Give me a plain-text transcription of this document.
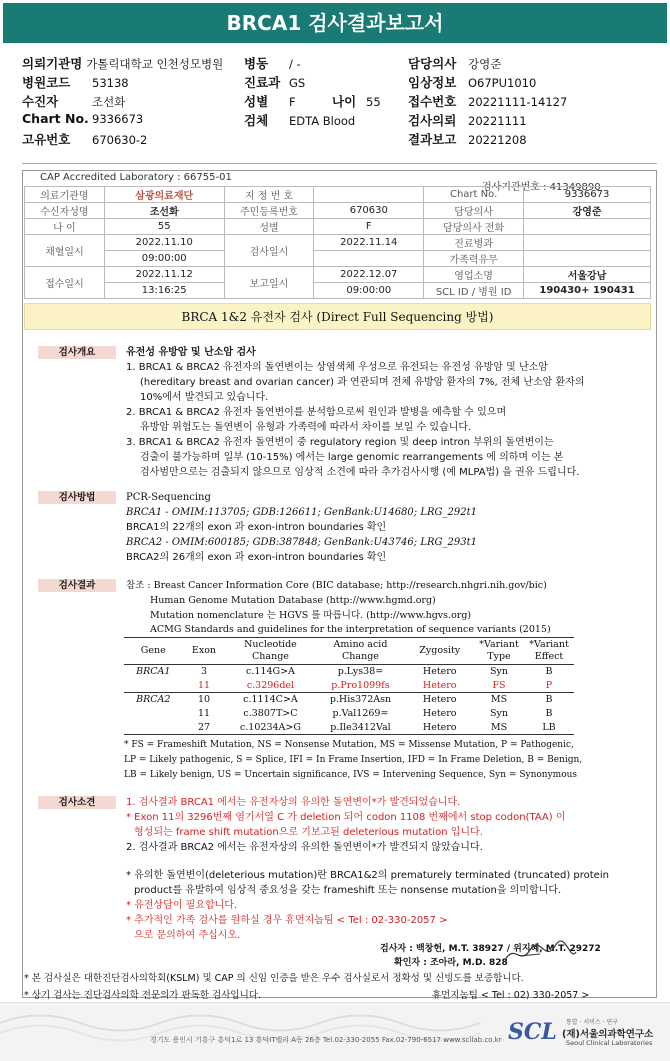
BRCA1 검사결과보고서
의뢰기관명 가톨릭대학교 인천성모병원
병원코드 53138
수진자	조선화
Chart No. 9336673
고유번호 670630-2
병동 / -
진료과 GS
성별 F	나이 55
검체 EDTA Blood
담당의사 강영준
임상정보 O67PU1010
접수번호 20221111-14127
검사의뢰 20221111
결과보고 20221208
CAP Accredited Laboratory : 66755-01
검사기관번호 : 41349890
의료기관명	삼광의료재단	지 정 번 호		Chart No.	9336673
수신자성명	조선화	주민등록번호	670630	담당의사	강영준
나 이	55	성별	F	담당의사 전화	
채혈일시	2022.11.10	검사일시	2022.11.14	진료병과	
	09:00:00			가족력유무	
접수일시	2022.11.12	보고일시	2022.12.07	영업소명	서울강남
	13:16:25		09:00:00	SCL ID / 병원 ID	190430+ 190431
BRCA 1&2 유전자 검사 (Direct Full Sequencing 방법)
검사개요	유전성 유방암 및 난소암 검사
1. BRCA1 & BRCA2 유전자의 돌연변이는 상염색체 우성으로 유전되는 유전성 유방암 및 난소암
(hereditary breast and ovarian cancer) 과 연관되며 전체 유방암 환자의 7%, 전체 난소암 환자의
10%에서 발견되고 있습니다.
2. BRCA1 & BRCA2 유전자 돌연변이를 분석함으로써 원인과 발병을 예측할 수 있으며
유방암 위험도는 돌연변이 유형과 가족력에 따라서 차이를 보일 수 있습니다.
3. BRCA1 & BRCA2 유전자 돌연변이 중 regulatory region 및 deep intron 부위의 돌연변이는
검출이 불가능하며 일부 (10-15%) 에서는 large genomic rearrangements 에 의하며 이는 본
검사범만으로는 검출되지 않으므로 임상적 소견에 따라 추가검사시행 (예 MLPA법) 을 권유 드립니다.
검사방법	PCR-Sequencing
BRCA1 - OMIM:113705; GDB:126611; GenBank:U14680; LRG_292t1
BRCA1의 22개의 exon 과 exon-intron boundaries 확인
BRCA2 - OMIM:600185; GDB:387848; GenBank:U43746; LRG_293t1
BRCA2의 26개의 exon 과 exon-intron boundaries 확인
검사결과	참조 : Breast Cancer Information Core (BIC database; http://research.nhgri.nih.gov/bic)
Human Genome Mutation Database (http://www.hgmd.org)
Mutation nomenclature 는 HGVS 를 따릅니다. (http://www.hgvs.org)
ACMG Standards and guidelines for the interpretation of sequence variants (2015)
Gene	Exon	Nucleotide Change	Amino acid Change	Zygosity	*Variant Type	*Variant Effect
BRCA1	3	c.114G>A	p.Lys38=	Hetero	Syn	B
	11	c.3296del	p.Pro1099fs	Hetero	FS	P
BRCA2	10	c.1114C>A	p.His372Asn	Hetero	MS	B
	11	c.3807T>C	p.Val1269=	Hetero	Syn	B
	27	c.10234A>G	p.Ile3412Val	Hetero	MS	LB
* FS = Frameshift Mutation, NS = Nonsense Mutation, MS = Missense Mutation, P = Pathogenic,
LP = Likely pathogenic, S = Splice, IFI = In Frame Insertion, IFD = In Frame Deletion, B = Benign,
LB = Likely benign, US = Uncertain significance, IVS = Intervening Sequence, Syn = Synonymous
검사소견	1. 검사결과 BRCA1 에서는 유전자상의 유의한 돌연변이*가 발견되었습니다.
* Exon 11의 3296번째 염기서열 C 가 deletion 되어 codon 1108 번째에서 stop codon(TAA) 이
형성되는 frame shift mutation으로 기보고된 deleterious mutation 입니다.
2. 검사결과 BRCA2 에서는 유전자상의 유의한 돌연변이*가 발견되지 않았습니다.
* 유의한 돌연변이(deleterious mutation)란 BRCA1&2의 prematurely terminated (truncated) protein
product를 유발하여 임상적 중요성을 갖는 frameshift 또는 nonsense mutation을 의미합니다.
* 유전상담이 필요합니다.
* 추가적인 가족 검사를 원하실 경우 휴먼지놈팀 < Tel : 02-330-2057 >
으로 문의하여 주십시오.
검사자 : 백창헌, M.T. 38927 / 위지혜, M.T. 29272
확인자 : 조아라, M.D. 828
* 본 검사실은 대한진단검사의학회(KSLM) 및 CAP 의 신임 인증을 받은 우수 검사실로서 정확성 및 신빙도를 보증합니다.
* 상기 검사는 진단검사의학 전문의가 판독한 검사입니다.	휴먼지놈팀 < Tel : 02) 330-2057 >
경기도 용인시 기흥구 흥덕1로 13 흥덕IT밸리 A동 26층 Tel.02-330-2055 Fax.02-790-6517 www.scllab.co.kr SCL 통합 · 서비스 · 연구
(재)서울의과학연구소
Seoul Clinical Laboratories
